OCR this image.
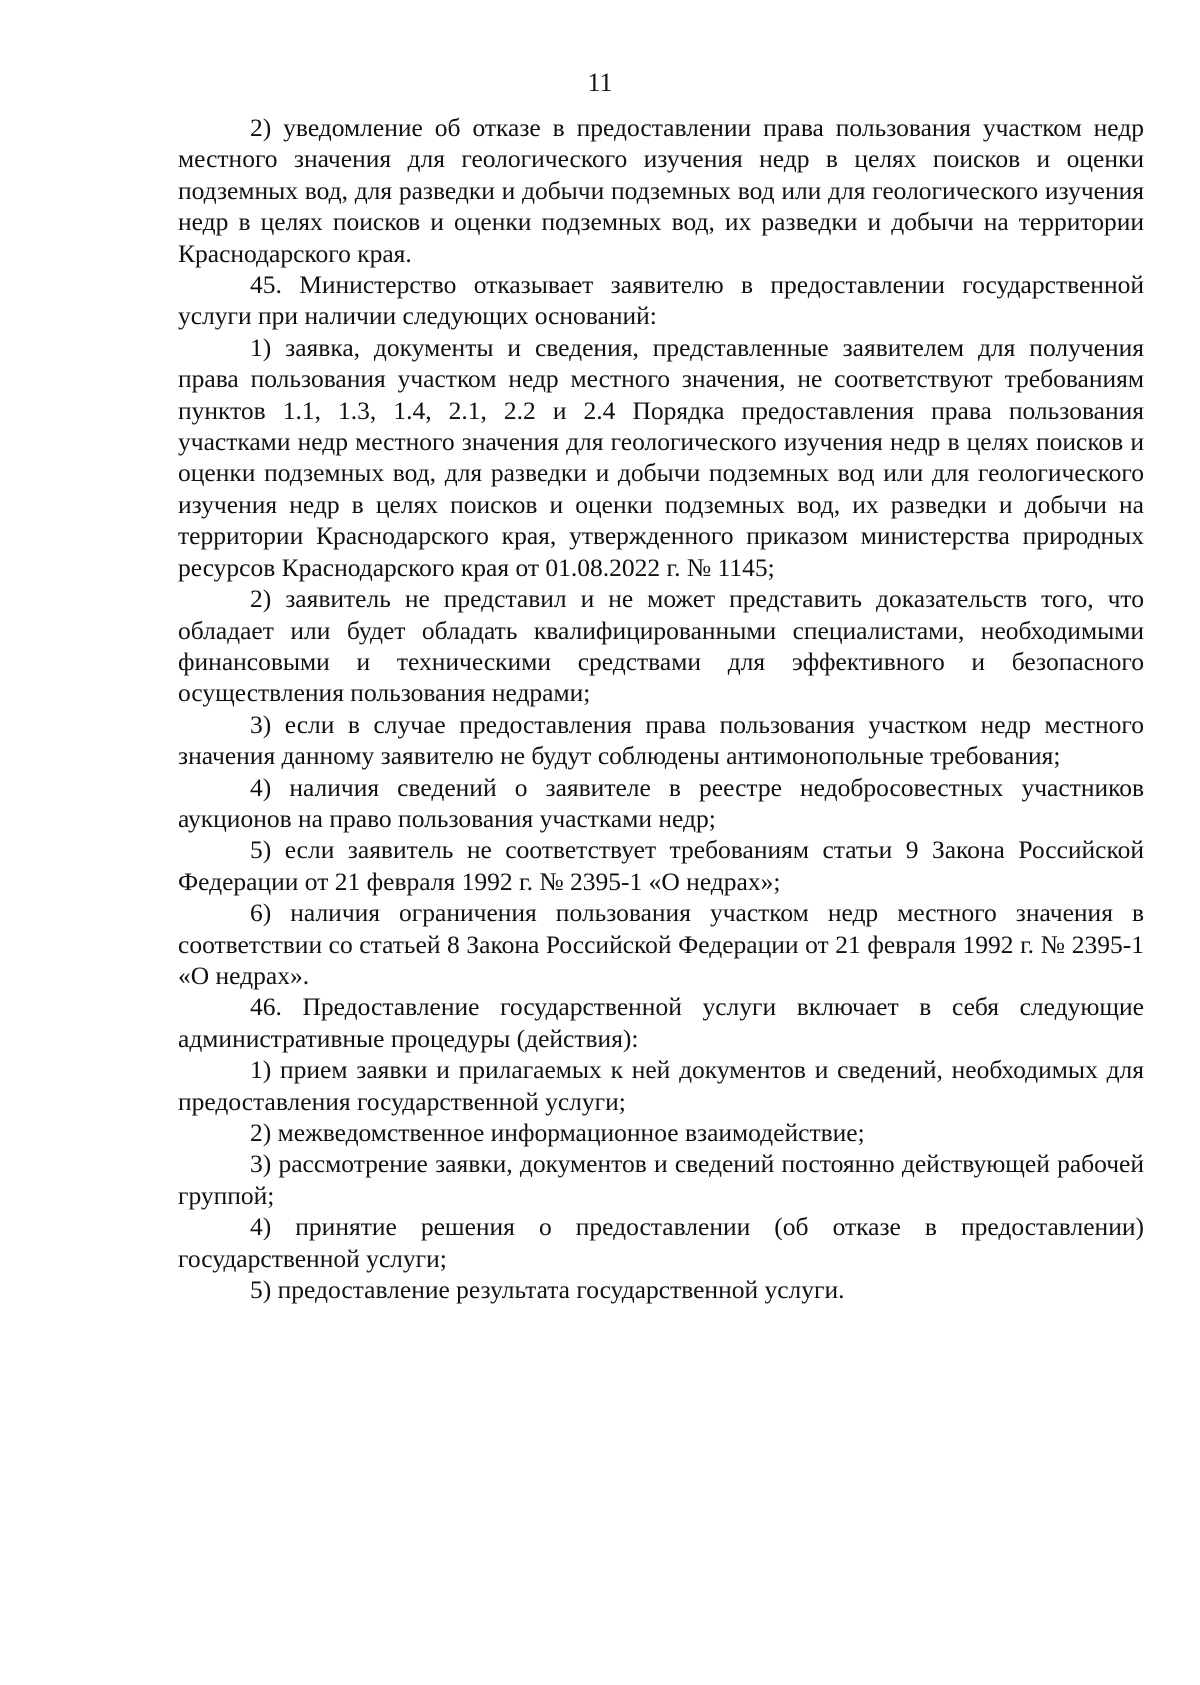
11

2) уведомление об отказе в предоставлении права пользования участком недр местного значения для геологического изучения недр в целях поисков и оценки подземных вод, для разведки и добычи подземных вод или для геологического изучения недр в целях поисков и оценки подземных вод, их разведки и добычи на территории Краснодарского края.

45. Министерство отказывает заявителю в предоставлении государственной услуги при наличии следующих оснований:

1) заявка, документы и сведения, представленные заявителем для получения права пользования участком недр местного значения, не соответствуют требованиям пунктов 1.1, 1.3, 1.4, 2.1, 2.2 и 2.4 Порядка предоставления права пользования участками недр местного значения для геологического изучения недр в целях поисков и оценки подземных вод, для разведки и добычи подземных вод или для геологического изучения недр в целях поисков и оценки подземных вод, их разведки и добычи на территории Краснодарского края, утвержденного приказом министерства природных ресурсов Краснодарского края от 01.08.2022 г. № 1145;

2) заявитель не представил и не может представить доказательств того, что обладает или будет обладать квалифицированными специалистами, необходимыми финансовыми и техническими средствами для эффективного и безопасного осуществления пользования недрами;

3) если в случае предоставления права пользования участком недр местного значения данному заявителю не будут соблюдены антимонопольные требования;

4) наличия сведений о заявителе в реестре недобросовестных участников аукционов на право пользования участками недр;

5) если заявитель не соответствует требованиям статьи 9 Закона Российской Федерации от 21 февраля 1992 г. № 2395-1 «О недрах»;

6) наличия ограничения пользования участком недр местного значения в соответствии со статьей 8 Закона Российской Федерации от 21 февраля 1992 г. № 2395-1 «О недрах».

46. Предоставление государственной услуги включает в себя следующие административные процедуры (действия):

1) прием заявки и прилагаемых к ней документов и сведений, необходимых для предоставления государственной услуги;

2) межведомственное информационное взаимодействие;

3) рассмотрение заявки, документов и сведений постоянно действующей рабочей группой;

4) принятие решения о предоставлении (об отказе в предоставлении) государственной услуги;

5) предоставление результата государственной услуги.
